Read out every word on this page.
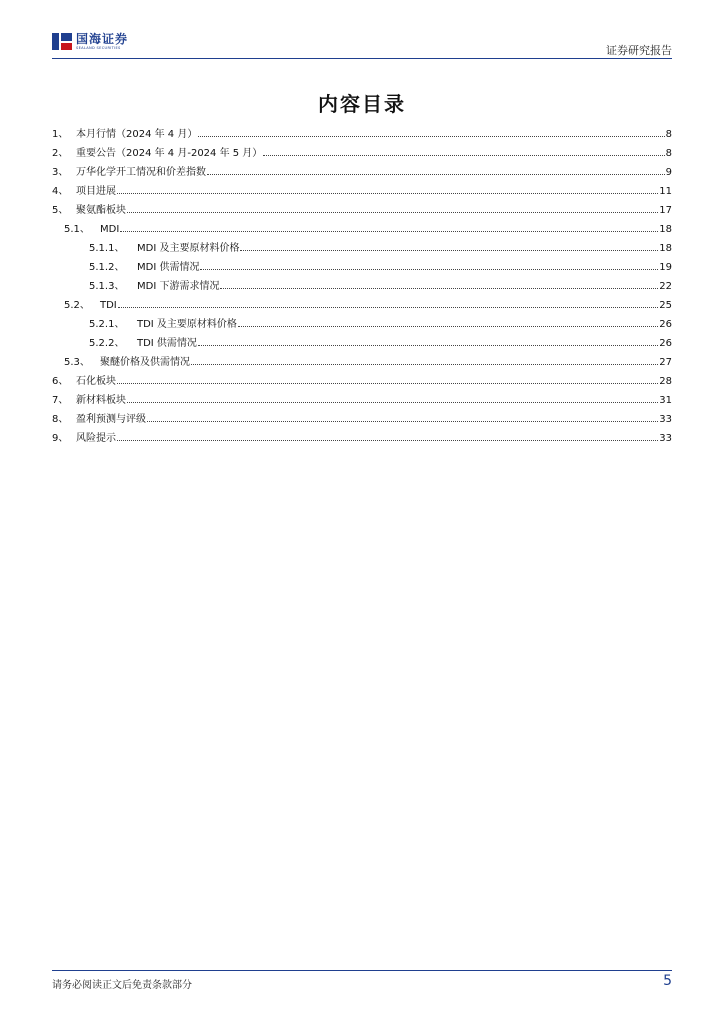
国海证券
SEALAND SECURITIES	证券研究报告
内容目录
1、 本月行情（2024 年 4 月）	8
2、 重要公告（2024 年 4 月-2024 年 5 月）	8
3、 万华化学开工情况和价差指数	9
4、 项目进展	11
5、 聚氨酯板块	17
5.1、	MDI	18
5.1.1、	MDI 及主要原材料价格	18
5.1.2、	MDI 供需情况	19
5.1.3、	MDI 下游需求情况	22
5.2、	TDI	25
5.2.1、	TDI 及主要原材料价格	26
5.2.2、	TDI 供需情况	26
5.3、	聚醚价格及供需情况	27
6、 石化板块	28
7、 新材料板块	31
8、 盈利预测与评级	33
9、 风险提示	33
请务必阅读正文后免责条款部分	5
